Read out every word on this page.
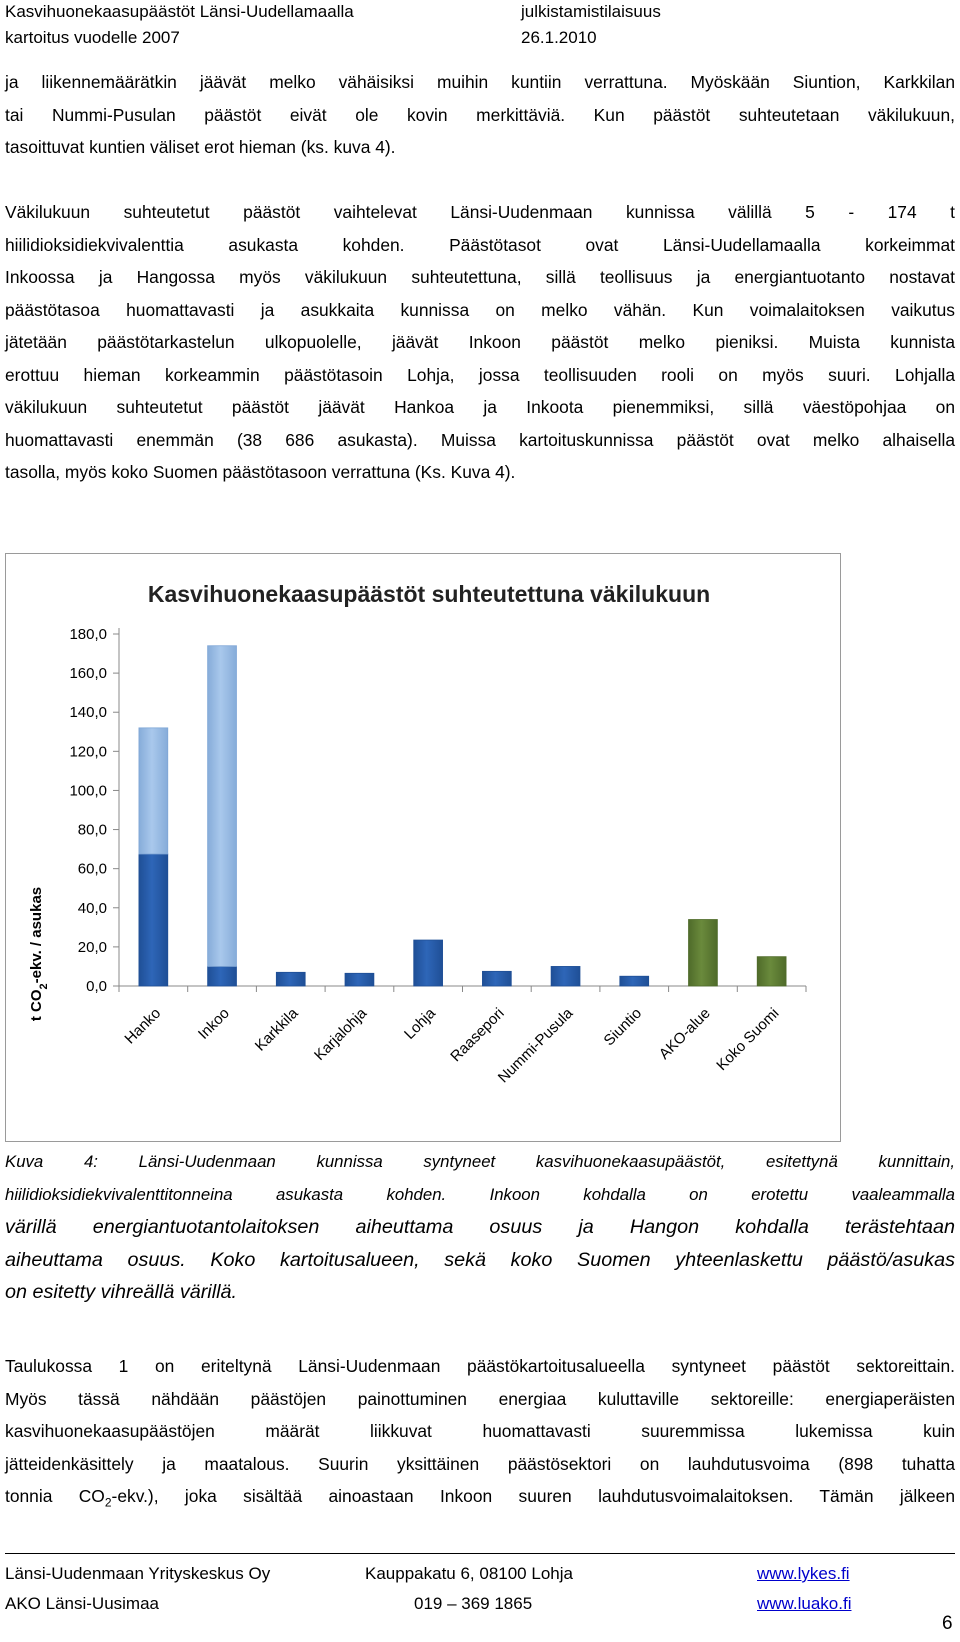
Kasvihuonekaasupäästöt Länsi-Uudellamaalla	julkistamistilaisuus
kartoitus vuodelle 2007	26.1.2010
ja liikennemäärätkin jäävät melko vähäisiksi muihin kuntiin verrattuna. Myöskään Siuntion, Karkkilan
tai Nummi-Pusulan päästöt eivät ole kovin merkittäviä. Kun päästöt suhteutetaan väkilukuun,
tasoittuvat kuntien väliset erot hieman (ks. kuva 4).
Väkilukuun suhteutetut päästöt vaihtelevat Länsi-Uudenmaan kunnissa välillä 5 - 174 t
hiilidioksidiekvivalenttia asukasta kohden. Päästötasot ovat Länsi-Uudellamaalla korkeimmat
Inkoossa ja Hangossa myös väkilukuun suhteutettuna, sillä teollisuus ja energiantuotanto nostavat
päästötasoa huomattavasti ja asukkaita kunnissa on melko vähän. Kun voimalaitoksen vaikutus
jätetään päästötarkastelun ulkopuolelle, jäävät Inkoon päästöt melko pieniksi. Muista kunnista
erottuu hieman korkeammin päästötasoin Lohja, jossa teollisuuden rooli on myös suuri. Lohjalla
väkilukuun suhteutetut päästöt jäävät Hankoa ja Inkoota pienemmiksi, sillä väestöpohjaa on
huomattavasti enemmän (38 686 asukasta). Muissa kartoituskunnissa päästöt ovat melko alhaisella
tasolla, myös koko Suomen päästötasoon verrattuna (Ks. Kuva 4).
Kasvihuonekaasupäästöt suhteutettuna väkilukuun
t $CO_2$-ekv. / asukas
Hanko Inkoo Karkkila Karjalohja Lohja Raasepori
Nummi-Pusula Siuntio AKO-alue Koko Suomi
0,0
20,0
40,0
60,0
80,0
100,0
120,0
140,0
160,0
180,0
Kuva 4: Länsi-Uudenmaan kunnissa syntyneet kasvihuonekaasupäästöt, esitettynä kunnittain,
hiilidioksidiekvivalenttitonneina asukasta kohden. Inkoon kohdalla on erotettu vaaleammalla
värillä energiantuotantolaitoksen aiheuttama osuus ja Hangon kohdalla terästehtaan
aiheuttama osuus. Koko kartoitusalueen, sekä koko Suomen yhteenlaskettu päästö/asukas
on esitetty vihreällä värillä.
Taulukossa 1 on eriteltynä Länsi-Uudenmaan päästökartoitusalueella syntyneet päästöt sektoreittain.
Myös tässä nähdään päästöjen painottuminen energiaa kuluttaville sektoreille: energiaperäisten
kasvihuonekaasupäästöjen määrät liikkuvat huomattavasti suuremmissa lukemissa kuin
jätteidenkäsittely ja maatalous. Suurin yksittäinen päästösektori on lauhdutusvoima (898 tuhatta
tonnia $CO_2-ekv$.), joka sisältää ainoastaan Inkoon suuren lauhdutusvoimalaitoksen. Tämän jälkeen
Länsi-Uudenmaan Yrityskeskus Oy	Kauppakatu 6, 08100 Lohja	www.lykes.fi
AKO Länsi-Uusimaa	019 – 369 1865	www.luako.fi
6
